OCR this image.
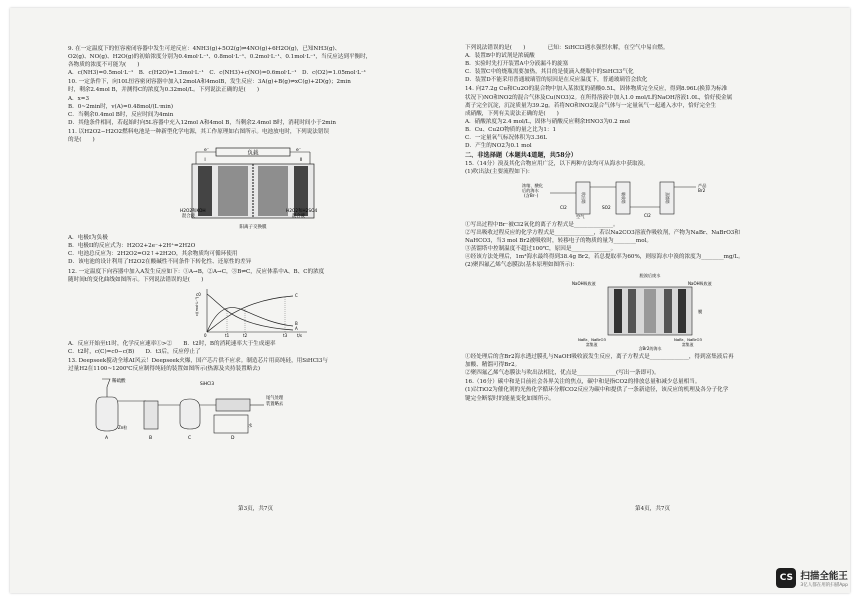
9. 在一定温度下的恒容密闭容器中发生可逆反应：4NH3(g)+5O2(g)⇌4NO(g)+6H2O(g)，已知NH3(g)、

O2(g)、NO(g)、H2O(g)的初始浓度分别为0.4mol·L⁻¹、0.8mol·L⁻¹、0.2mol·L⁻¹、0.1mol·L⁻¹，当反应达到平衡时，

各物质的浓度不可能为(　　)

A．c(NH3)=0.5mol·L⁻¹　B．c(H2O)=1.3mol·L⁻¹　C．c(NH3)+c(NO)=0.6mol·L⁻¹　D．c(O2)=1.05mol·L⁻¹

10. 一定条件下，向10L恒容密闭容器中加入12molA和4molB，发生反应：3A(g)+B(g)⇌xC(g)+2D(g)；2min

时，剩余2.4mol B，并测得C的浓度为0.32mol/L。下列说法正确的是(　　)

A．x=3

B．0~2min时，v(A)=0.48mol/(L·min)

C．当剩余0.4mol B时，反应时间为4min

D．其他条件相同，若起始时向5L容器中充入12mol A和4mol B，当剩余2.4mol B时，消耗时间小于2min

11. 以H2O2−H2O2燃料电池是一种新型化学电源，其工作原理如右图所示。电池放电时，下列说法错误

的是(　　)

负载
e⁻	e⁻
I	II
H2O2和KOH
混合液
H2O2和H2SO4
混合液
阳离子交换膜

A．电极I为负极

B．电极II的反应式为：H2O2+2e⁻+2H⁺=2H2O

C．电池总反应为：2H2O2=O2↑+2H2O，其余物质均可循环使用

D．该电池的设计利用了H2O2在酸碱性不同条件下转化性、还原性的差异

12. 一定温度下向容器中加入A发生反应如下：①A→B，②A→C，③B⇌C，反应体系中A、B、C的浓度

随时间t的变化曲线如图所示。下列说法错误的是(　　)

c0
c/(mol·L⁻¹)
t/s
A
B
C
0	t1	t2	t3

A．反应开始至t1时，化学反应速率①>②　　B．t2时，B的消耗速率大于生成速率

C．t2时，c(C)=c0−c(B)　　D．t3后，反应停止了

13. Deepseek搅动全球AI风云！Deepseek火爆，国产芯片供不应求。制造芯片用高纯硅，用SiHCl3与

过量H2在1100~1200℃反应制得纯硅的装置如图所示(热源及夹持装置略去)

稀硫酸
Zn粒
SiHCl3
水
尾气处理
装置略去
A	B	C	D
第3页，共7页

下列说法错误的是(　　)　　　　已知：SiHCl3遇水强烈水解，在空气中易自燃。

A．装置B中的试剂是浓硫酸

B．实验时先打开装置A中分液漏斗的旋塞

C．装置C中的烧瓶需要加热，其目的是使滴入烧瓶中的SiHCl3气化

D．装置D不能采用普通玻璃管的原因是在反应温度下，普通玻璃管会软化

14. 向27.2g Cu和Cu2O的混合物中加入某浓度的硝酸0.5L，固体物质完全反应，得到8.96L(换算为标准

状况下)NO和NO2的混合气体及Cu(NO3)2。在所得溶液中加入1.0 mol/L的NaOH溶液1.0L，恰好使金属

离子完全沉淀，沉淀质量为39.2g。若将NO和NO2混合气体与一定量氧气一起通入水中，恰好完全生

成硝酸，下列有关说法正确的是(　　)

A．硝酸浓度为2.4 mol/L，固体与硝酸反应剩余HNO3为0.2 mol

B．Cu、Cu2O物质的量之比为1：1

C．一定量氧气标况体积为3.36L

D．产生的NO2为0.1 mol

二、非选择题（本题共4道题，共58分）

15.（14分）溴及其化合物应用广泛，以下两种方法均可从海水中获取溴。

(1)吹出法(主要流程如下)：

浓缩、酸化
后的海水
(含Br⁻)
Cl2
吹出塔
空气
吸收塔
SO2
Cl2
蒸馏塔
产品
Br2

①写出过程中Br⁻被Cl2氧化的离子方程式是______________。

②写出吸收过程反应的化学方程式是______________，若以Na2CO3溶液作吸收剂，产物为NaBr、NaBrO3和

NaHCO3，当3 mol Br2被吸收时，转移电子的物质的量为________mol。

③蒸馏塔中控制温度不超过100℃，原因是______________。

④经该方法处理后，1m³海水最终得到38.4g Br2，若总提取率为60%，则原海水中溴的浓度为________mg/L。

(2)聚四氟乙烯气态膜法(基本原理如图所示)：

脱溴后废水
NaOH吸收液	NaOH吸收液
膜
NaBr、NaBrO3
富集液
NaBr、NaBrO3
富集液
含Br2的海水

①经处理后的含Br2海水透过膜孔与NaOH吸收液发生反应，离子方程式是______________，得到富集液后再

加酸、精馏可得Br2。

②聚四氟乙烯气态膜法与吹出法相比，优点是______________(写出一条即可)。

16.（16分）碳中和是目前社会各界关注的焦点，碳中和是指CO2的排放总量和减少总量相当。

(1)以TiO2为催化剂的光热化学循环分解CO2反应为碳中和提供了一条新途径，该反应的机理及各分子化学

键完全断裂时的能量变化如图所示。

第4页，共7页
CS 扫描全能王
3亿人都在用的扫描App
